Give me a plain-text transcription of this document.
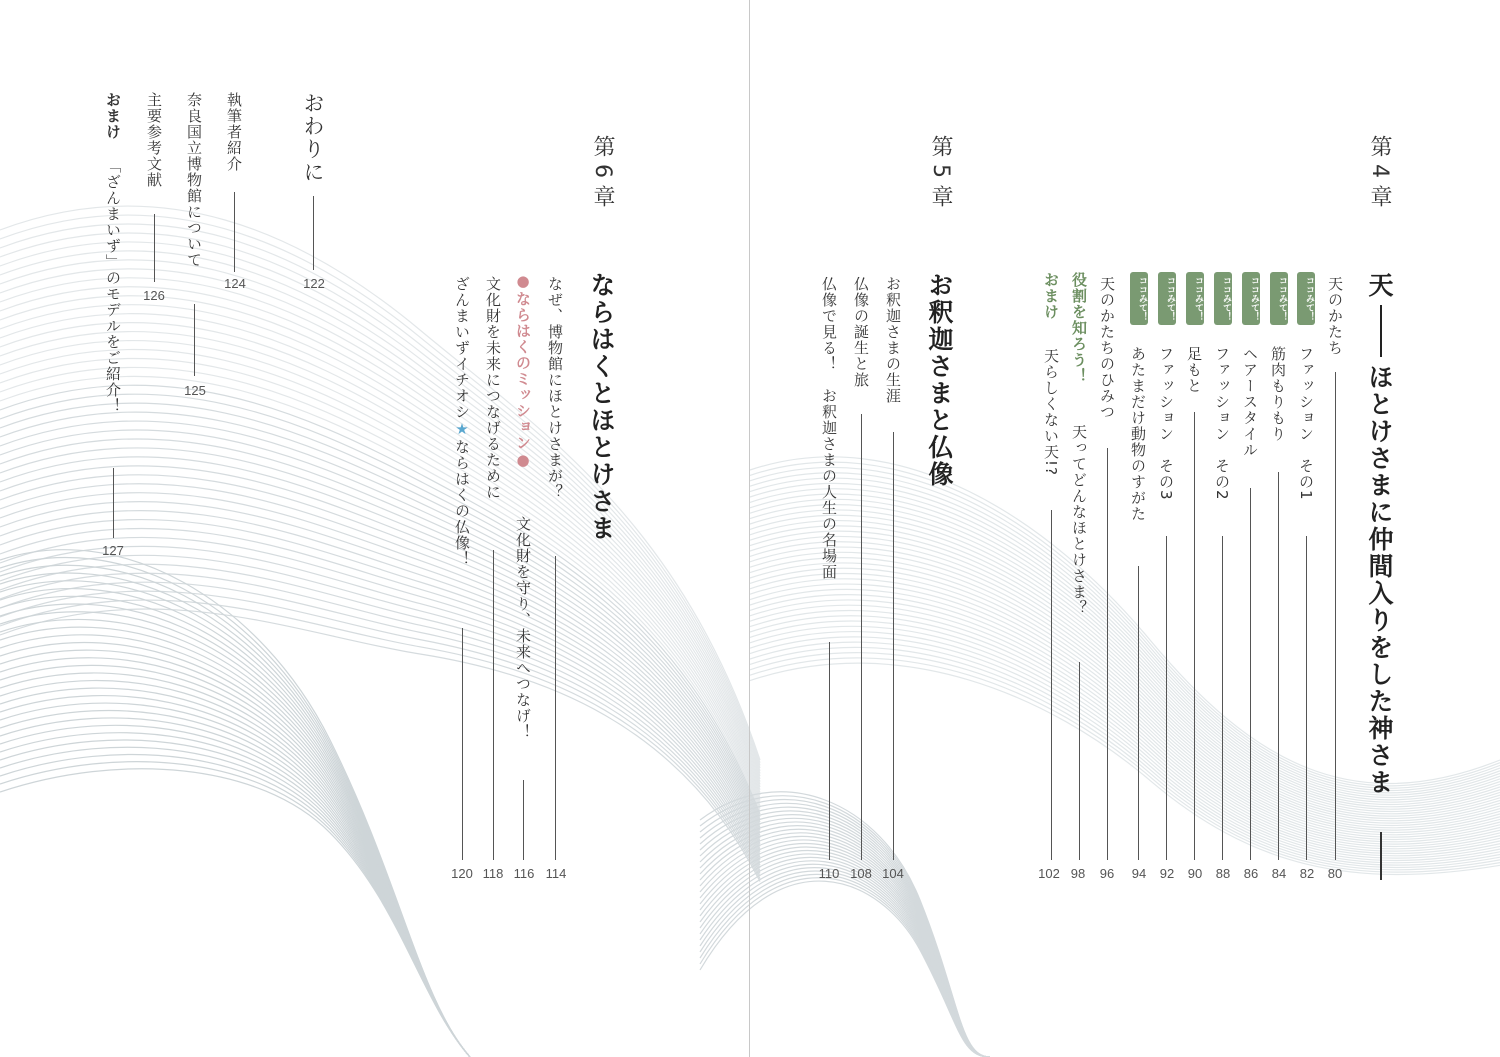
第 4 章
天
ほとけさまに仲間入りをした神さま
天のかたち
80
ココみて！
ファッション　その1
82
ココみて！
筋肉もりもり
84
ココみて！
ヘアースタイル
86
ココみて！
ファッション　その2
88
ココみて！
足もと
90
ココみて！
ファッション　その3
92
ココみて！
あたまだけ動物のすがた
94
天のかたちのひみつ
96
役割を知ろう！
天ってどんなほとけさま？
98
おまけ
天らしくない天!?
102
第 5 章
お釈迦さまと仏像
お釈迦さまの生涯
104
仏像の誕生と旅
108
仏像で見る！　お釈迦さまの人生の名場面
110
第 6 章
ならはくとほとけさま
なぜ、博物館にほとけさまが？
114
●ならはくのミッション●
文化財を守り、未来へつなげ！
116
文化財を未来につなげるために
118
ざんまいずイチオシ★ならはくの仏像！
120
おわりに
122
執筆者紹介
124
奈良国立博物館について
125
主要参考文献
126
おまけ
「ざんまいず」のモデルをご紹介！
127
